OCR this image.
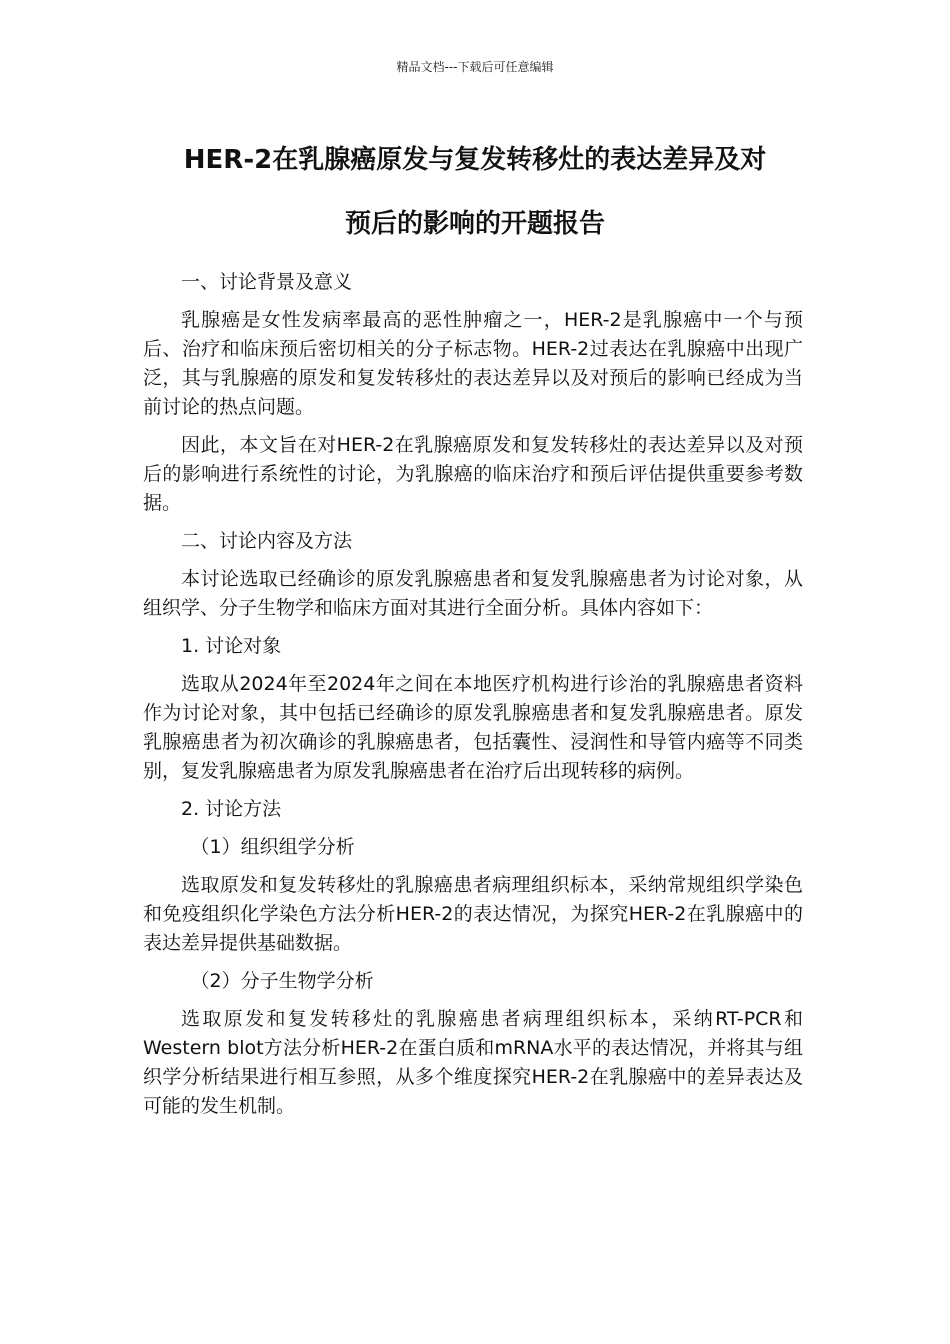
精品文档---下载后可任意编辑
HER-2在乳腺癌原发与复发转移灶的表达差异及对
预后的影响的开题报告

一、讨论背景及意义

乳腺癌是女性发病率最高的恶性肿瘤之一，HER-2是乳腺癌中一个与预后、治疗和临床预后密切相关的分子标志物。HER-2过表达在乳腺癌中出现广泛，其与乳腺癌的原发和复发转移灶的表达差异以及对预后的影响已经成为当前讨论的热点问题。

因此，本文旨在对HER-2在乳腺癌原发和复发转移灶的表达差异以及对预后的影响进行系统性的讨论，为乳腺癌的临床治疗和预后评估提供重要参考数据。

二、讨论内容及方法

本讨论选取已经确诊的原发乳腺癌患者和复发乳腺癌患者为讨论对象，从组织学、分子生物学和临床方面对其进行全面分析。具体内容如下：

1. 讨论对象

选取从2024年至2024年之间在本地医疗机构进行诊治的乳腺癌患者资料作为讨论对象，其中包括已经确诊的原发乳腺癌患者和复发乳腺癌患者。原发乳腺癌患者为初次确诊的乳腺癌患者，包括囊性、浸润性和导管内癌等不同类别，复发乳腺癌患者为原发乳腺癌患者在治疗后出现转移的病例。

2. 讨论方法

（1）组织组学分析

选取原发和复发转移灶的乳腺癌患者病理组织标本，采纳常规组织学染色和免疫组织化学染色方法分析HER-2的表达情况，为探究HER-2在乳腺癌中的表达差异提供基础数据。

（2）分子生物学分析

选取原发和复发转移灶的乳腺癌患者病理组织标本，采纳RT-PCR和Western blot方法分析HER-2在蛋白质和mRNA水平的表达情况，并将其与组织学分析结果进行相互参照，从多个维度探究HER-2在乳腺癌中的差异表达及可能的发生机制。
